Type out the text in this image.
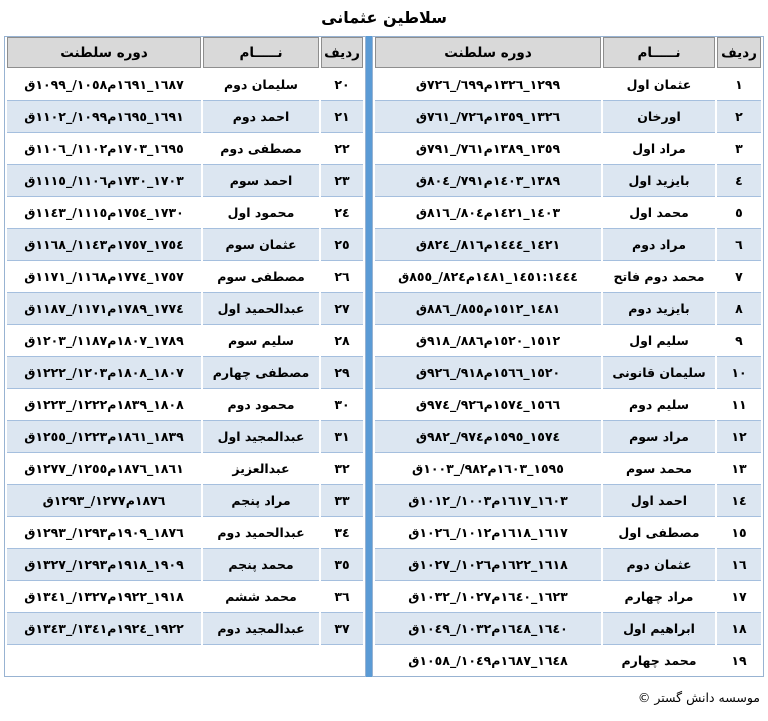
سلاطین عثمانی
ردیف	نـــــام	دوره سلطنت
٢٠	سلیمان دوم	١٦٨٧_١٦٩١م١٠٥٨/_١٠٩٩ق
٢١	احمد دوم	١٦٩١_١٦٩٥م١٠٩٩/_١١٠٢ق
٢٢	مصطفی دوم	١٦٩٥_١٧٠٣م١١٠٢/_١١٠٦ق
٢٣	احمد سوم	١٧٠٣_١٧٣٠م١١٠٦/_١١١٥ق
٢٤	محمود اول	١٧٣٠_١٧٥٤م١١١٥/_١١٤٣ق
٢٥	عثمان سوم	١٧٥٤_١٧٥٧م١١٤٣/_١١٦٨ق
٢٦	مصطفی سوم	١٧٥٧_١٧٧٤م١١٦٨/_١١٧١ق
٢٧	عبدالحمید اول	١٧٧٤_١٧٨٩م١١٧١/_١١٨٧ق
٢٨	سلیم سوم	١٧٨٩_١٨٠٧م١١٨٧/_١٢٠٣ق
٢٩	مصطفی چهارم	١٨٠٧_١٨٠٨م١٢٠٣/_١٢٢٢ق
٣٠	محمود دوم	١٨٠٨_١٨٣٩م١٢٢٢/_١٢٢٣ق
٣١	عبدالمجید اول	١٨٣٩_١٨٦١م١٢٢٣/_١٢٥٥ق
٣٢	عبدالعزیز	١٨٦١_١٨٧٦م١٢٥٥/_١٢٧٧ق
٣٣	مراد پنجم	١٨٧٦م١٢٧٧/_١٢٩٣ق
٣٤	عبدالحمید دوم	١٨٧٦_١٩٠٩م١٢٩٣/_١٢٩٣ق
٣٥	محمد پنجم	١٩٠٩_١٩١٨م١٢٩٣/_١٣٢٧ق
٣٦	محمد ششم	١٩١٨_١٩٢٢م١٣٢٧/_١٣٤١ق
٣٧	عبدالمجید دوم	١٩٢٢_١٩٢٤م١٣٤١/_١٣٤٣ق

ردیف	نـــــام	دوره سلطنت
١	عثمان اول	١٢٩٩_١٣٢٦م٦٩٩/_٧٢٦ق
٢	اورخان	١٣٢٦_١٣٥٩م٧٢٦/_٧٦١ق
٣	مراد اول	١٣٥٩_١٣٨٩م٧٦١/_٧٩١ق
٤	بایزید اول	١٣٨٩_١٤٠٣م٧٩١/_٨٠٤ق
٥	محمد اول	١٤٠٣_١٤٢١م٨٠٤/_٨١٦ق
٦	مراد دوم	١٤٢١_١٤٤٤م٨١٦/_٨٢٤ق
٧	محمد دوم فاتح	١٤٤٤:‏١٤٥١_١٤٨١م٨٢٤/_٨٥٥ق
٨	بایزید دوم	١٤٨١_١٥١٢م٨٥٥/_٨٨٦ق
٩	سلیم اول	١٥١٢_١٥٢٠م٨٨٦/_٩١٨ق
١٠	سلیمان قانونی	١٥٢٠_١٥٦٦م٩١٨/_٩٢٦ق
١١	سلیم دوم	١٥٦٦_١٥٧٤م٩٢٦/_٩٧٤ق
١٢	مراد سوم	١٥٧٤_١٥٩٥م٩٧٤/_٩٨٢ق
١٣	محمد سوم	١٥٩٥_١٦٠٣م٩٨٢/_١٠٠٣ق
١٤	احمد اول	١٦٠٣_١٦١٧م١٠٠٣/_١٠١٢ق
١٥	مصطفی اول	١٦١٧_١٦١٨م١٠١٢/_١٠٢٦ق
١٦	عثمان دوم	١٦١٨_١٦٢٢م١٠٢٦/_١٠٢٧ق
١٧	مراد چهارم	١٦٢٣_١٦٤٠م١٠٢٧/_١٠٣٢ق
١٨	ابراهیم اول	١٦٤٠_١٦٤٨م١٠٣٢/_١٠٤٩ق
١٩	محمد چهارم	١٦٤٨_١٦٨٧م١٠٤٩/_١٠٥٨ق
© موسسه دانش گستر
